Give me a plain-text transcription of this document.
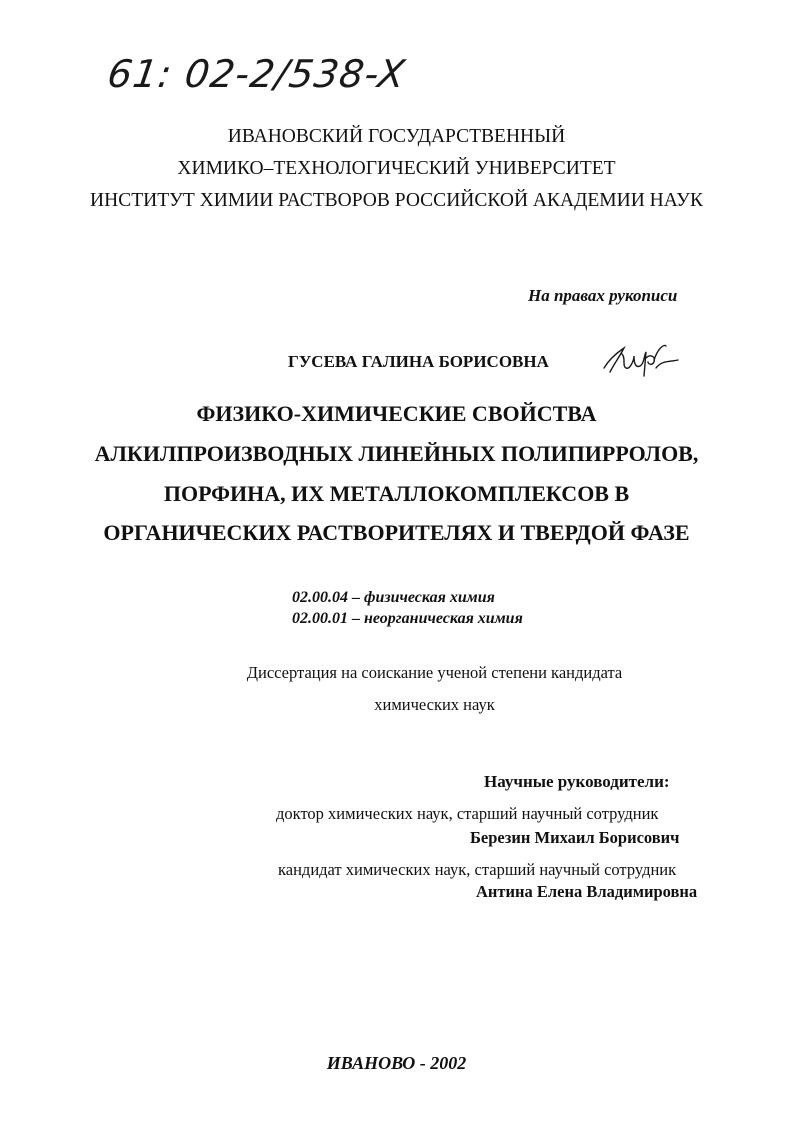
61: 02-2/538-X

ИВАНОВСКИЙ ГОСУДАРСТВЕННЫЙ

ХИМИКО–ТЕХНОЛОГИЧЕСКИЙ УНИВЕРСИТЕТ

ИНСТИТУТ ХИМИИ РАСТВОРОВ РОССИЙСКОЙ АКАДЕМИИ НАУК

На правах рукописи

ГУСЕВА ГАЛИНА БОРИСОВНА

ФИЗИКО-ХИМИЧЕСКИЕ СВОЙСТВА

АЛКИЛПРОИЗВОДНЫХ ЛИНЕЙНЫХ ПОЛИПИРРОЛОВ,

ПОРФИНА, ИХ МЕТАЛЛОКОМПЛЕКСОВ В

ОРГАНИЧЕСКИХ РАСТВОРИТЕЛЯХ И ТВЕРДОЙ ФАЗЕ

02.00.04 – физическая химия

02.00.01 – неорганическая химия

Диссертация на соискание ученой степени кандидата

химических наук

Научные руководители:

доктор химических наук, старший научный сотрудник

Березин Михаил Борисович

кандидат химических наук, старший научный сотрудник

Антина Елена Владимировна

ИВАНОВО - 2002
